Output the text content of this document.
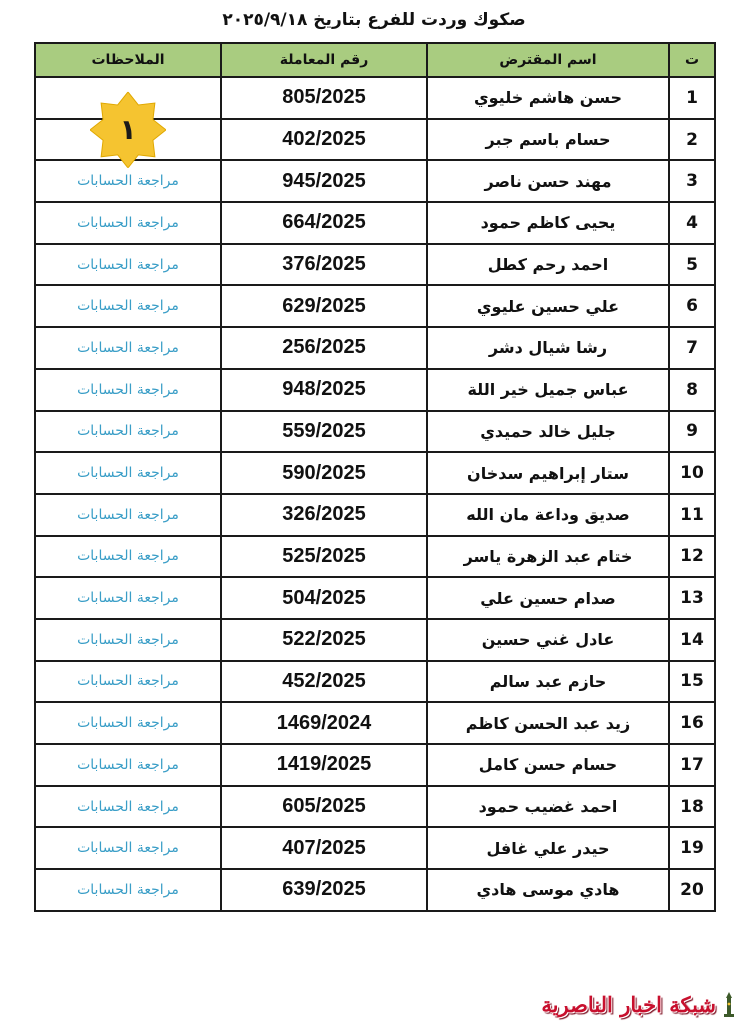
صكوك وردت للفرع بتاريخ ٢٠٢٥/٩/١٨
ت	اسم المقترض	رقم المعاملة	الملاحظات
1	حسن هاشم خليوي	805/2025	١

2	حسام باسم جبر	402/2025	
3	مهند حسن ناصر	945/2025	مراجعة الحسابات
4	يحيى كاظم حمود	664/2025	مراجعة الحسابات
5	احمد رحم كطل	376/2025	مراجعة الحسابات
6	علي حسين عليوي	629/2025	مراجعة الحسابات
7	رشا شيال دشر	256/2025	مراجعة الحسابات
8	عباس جميل خير اللة	948/2025	مراجعة الحسابات
9	جليل خالد حميدي	559/2025	مراجعة الحسابات
10	ستار إبراهيم سدخان	590/2025	مراجعة الحسابات
11	صديق وداعة مان الله	326/2025	مراجعة الحسابات
12	ختام عبد الزهرة ياسر	525/2025	مراجعة الحسابات
13	صدام حسين علي	504/2025	مراجعة الحسابات
14	عادل غني حسين	522/2025	مراجعة الحسابات
15	حازم عبد سالم	452/2025	مراجعة الحسابات
16	زيد عبد الحسن كاظم	1469/2024	مراجعة الحسابات
17	حسام حسن كامل	1419/2025	مراجعة الحسابات
18	احمد غضيب حمود	605/2025	مراجعة الحسابات
19	حيدر علي غافل	407/2025	مراجعة الحسابات
20	هادي موسى هادي	639/2025	مراجعة الحسابات
شبكة اخبار الناصرية
